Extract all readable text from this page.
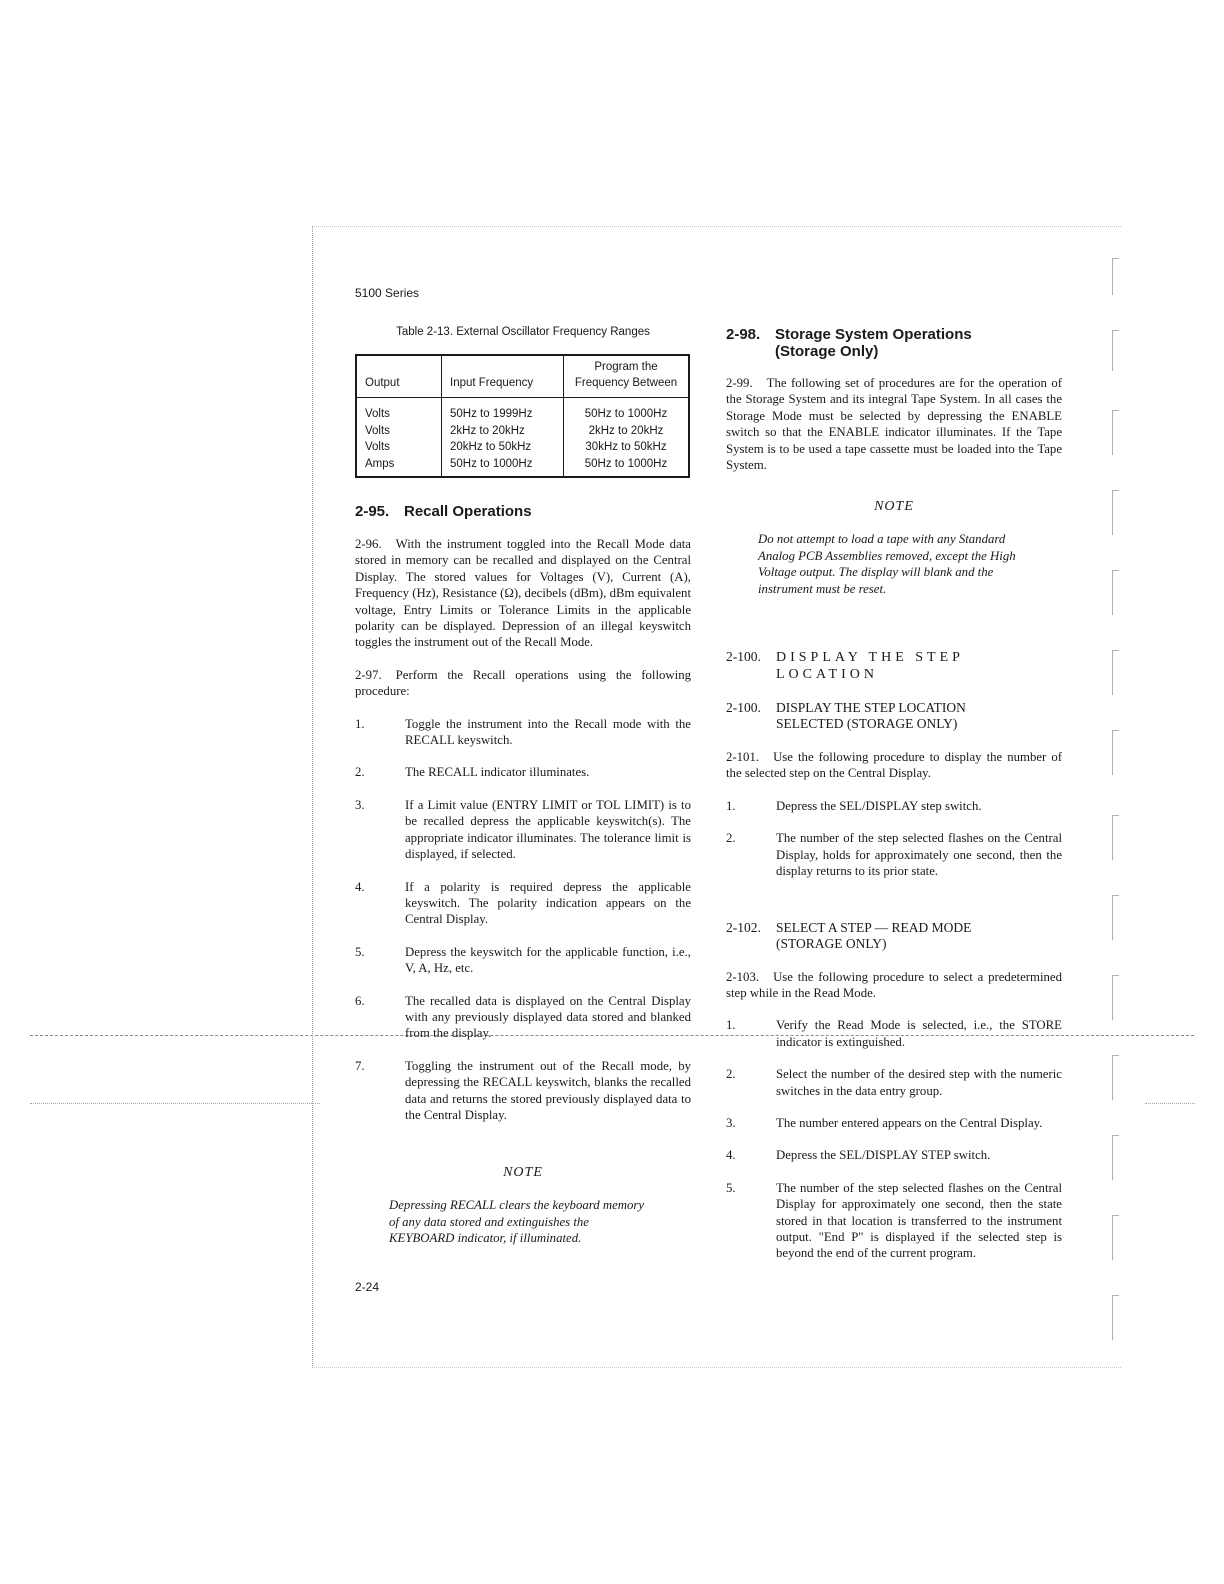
5100 Series

Table 2-13. External Oscillator Frequency Ranges

Output	Input Frequency	Program the Frequency Between
Volts	50Hz to 1999Hz	50Hz to 1000Hz
Volts	2kHz to 20kHz	2kHz to 20kHz
Volts	20kHz to 50kHz	30kHz to 50kHz
Amps	50Hz to 1000Hz	50Hz to 1000Hz
2-95. Recall Operations

2-96. With the instrument toggled into the Recall Mode data stored in memory can be recalled and displayed on the Central Display. The stored values for Voltages (V), Current (A), Frequency (Hz), Resistance (Ω), decibels (dBm), dBm equivalent voltage, Entry Limits or Tolerance Limits in the applicable polarity can be displayed. Depression of an illegal keyswitch toggles the instrument out of the Recall Mode.

2-97. Perform the Recall operations using the following procedure:

1.	Toggle the instrument into the Recall mode with the RECALL keyswitch.
2.	The RECALL indicator illuminates.
3.	If a Limit value (ENTRY LIMIT or TOL LIMIT) is to be recalled depress the applicable keyswitch(s). The appropriate indicator illuminates. The tolerance limit is displayed, if selected.
4.	If a polarity is required depress the applicable keyswitch. The polarity indication appears on the Central Display.
5.	Depress the keyswitch for the applicable function, i.e., V, A, Hz, etc.
6.	The recalled data is displayed on the Central Display with any previously displayed data stored and blanked from the display.
7.	Toggling the instrument out of the Recall mode, by depressing the RECALL keyswitch, blanks the recalled data and returns the stored previously displayed data to the Central Display.

NOTE

Depressing RECALL clears the keyboard memory of any data stored and extinguishes the KEYBOARD indicator, if illuminated.

2-98. Storage System Operations
(Storage Only)

2-99. The following set of procedures are for the operation of the Storage System and its integral Tape System. In all cases the Storage Mode must be selected by depressing the ENABLE switch so that the ENABLE indicator illuminates. If the Tape System is to be used a tape cassette must be loaded into the Tape System.

NOTE

Do not attempt to load a tape with any Standard Analog PCB Assemblies removed, except the High Voltage output. The display will blank and the instrument must be reset.

2-100. DISPLAY THE STEP LOCATION

2-100. DISPLAY THE STEP LOCATION
SELECTED (STORAGE ONLY)

2-101. Use the following procedure to display the number of the selected step on the Central Display.

1.	Depress the SEL/DISPLAY step switch.
2.	The number of the step selected flashes on the Central Display, holds for approximately one second, then the display returns to its prior state.

2-102. SELECT A STEP — READ MODE
(STORAGE ONLY)

2-103. Use the following procedure to select a predetermined step while in the Read Mode.

1.	Verify the Read Mode is selected, i.e., the STORE indicator is extinguished.
2.	Select the number of the desired step with the numeric switches in the data entry group.
3.	The number entered appears on the Central Display.
4.	Depress the SEL/DISPLAY STEP switch.
5.	The number of the step selected flashes on the Central Display for approximately one second, then the state stored in that location is transferred to the instrument output. "End P" is displayed if the selected step is beyond the end of the current program.
2-24
